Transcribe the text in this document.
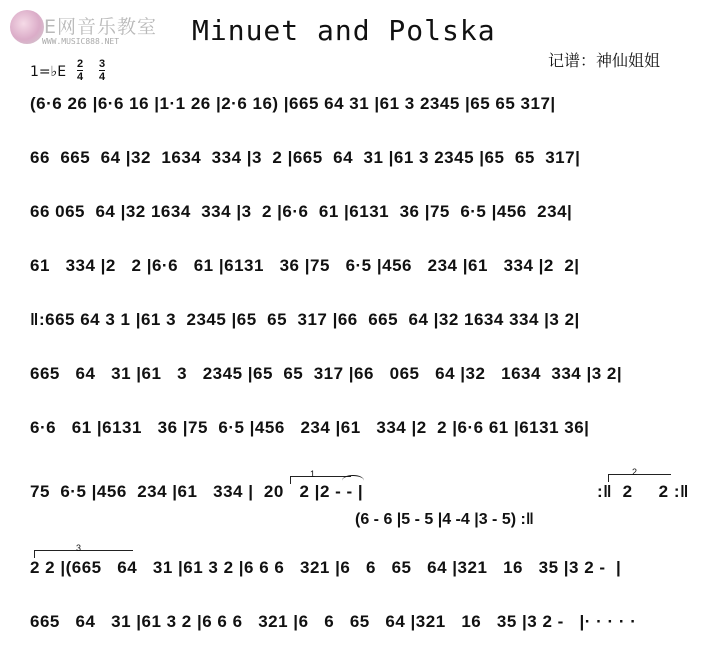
E网音乐教室
WWW.MUSIC888.NET	Minuet and Polska
记谱：神仙姐姐
1=♭E 2
4
3
4
(6·6 26 |6·6 16 |1·1 26 |2·6 16) |665 64 31 |61 3 2345 |65 65 317|
66  665  64 |32  1634  334 |3  2 |665  64  31 |61 3 2345 |65  65  317|
66 065  64 |32 1634  334 |3  2 |6·6  61 |6131  36 |75  6·5 |456  234|
61   334 |2   2 |6·6   61 |6131   36 |75   6·5 |456   234 |61   334 |2  2|
‖:665 64 3 1 |61 3  2345 |65  65  317 |66  665  64 |32 1634 334 |3 2|
665   64   31 |61   3   2345 |65  65  317 |66   065   64 |32   1634  334 |3 2|
6·6   61 |6131   36 |75  6·5 |456   234 |61   334 |2  2 |6·6 61 |6131 36|
75  6·5 |456  234 |61   334 |  20   2 |2 - - |	:‖  2     2 :‖
(6 - 6 |5 - 5 |4 -4 |3 - 5) :‖
2 2 |(665   64   31 |61 3 2 |6 6 6   321 |6   6   65   64 |321   16   35 |3 2 -  |
665   64   31 |61 3 2 |6 6 6   321 |6   6   65   64 |321   16   35 |3 2 -   |· · · · ·
1	2
3
